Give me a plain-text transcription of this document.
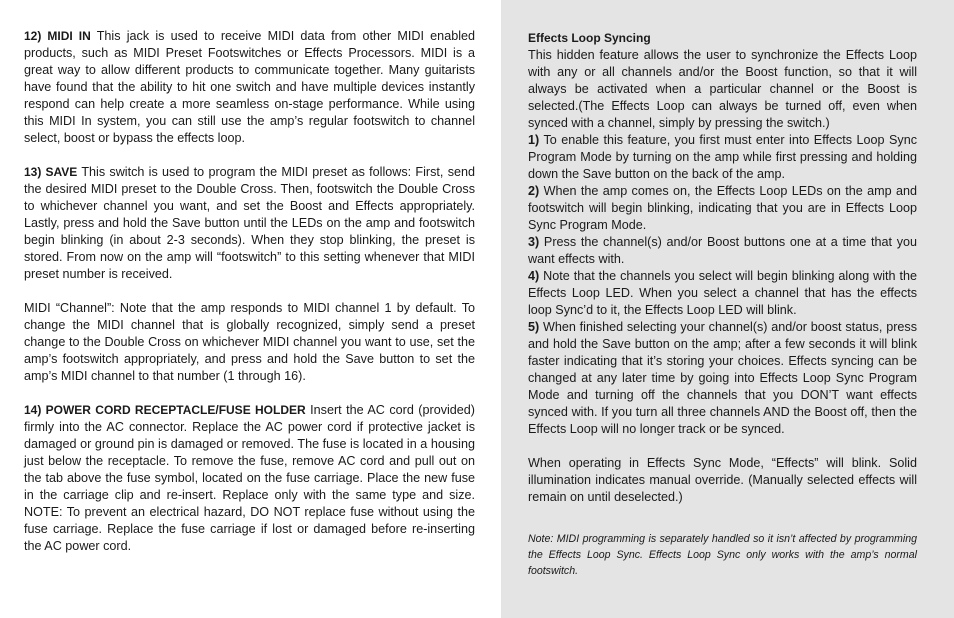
12) MIDI IN This jack is used to receive MIDI data from other MIDI enabled products, such as MIDI Preset Footswitches or Effects Processors. MIDI is a great way to allow different products to communicate together. Many guitarists have found that the ability to hit one switch and have multiple devices instantly respond can help create a more seamless on-stage performance. While using this MIDI In system, you can still use the amp’s regular footswitch to channel select, boost or bypass the effects loop.

13) SAVE This switch is used to program the MIDI preset as follows: First, send the desired MIDI preset to the Double Cross. Then, footswitch the Double Cross to whichever channel you want, and set the Boost and Effects appropriately. Lastly, press and hold the Save button until the LEDs on the amp and footswitch begin blinking (in about 2-3 seconds). When they stop blinking, the preset is stored. From now on the amp will “footswitch” to this setting whenever that MIDI preset number is received.

MIDI “Channel”: Note that the amp responds to MIDI channel 1 by default. To change the MIDI channel that is globally recognized, simply send a preset change to the Double Cross on whichever MIDI channel you want to use, set the amp’s footswitch appropriately, and press and hold the Save button to set the amp’s MIDI channel to that number (1 through 16).

14) POWER CORD RECEPTACLE/FUSE HOLDER Insert the AC cord (provided) firmly into the AC connector. Replace the AC power cord if protective jacket is damaged or ground pin is damaged or removed. The fuse is located in a housing just below the receptacle. To remove the fuse, remove AC cord and pull out on the tab above the fuse symbol, located on the fuse carriage. Place the new fuse in the carriage clip and re-insert. Replace only with the same type and size. NOTE: To prevent an electrical hazard, DO NOT replace fuse without using the fuse carriage. Replace the fuse carriage if lost or damaged before re-inserting the AC power cord.

Effects Loop Syncing

This hidden feature allows the user to synchronize the Effects Loop with any or all channels and/or the Boost function, so that it will always be activated when a particular channel or the Boost is selected.(The Effects Loop can always be turned off, even when synced with a channel, simply by pressing the switch.)

1) To enable this feature, you first must enter into Effects Loop Sync Program Mode by turning on the amp while first pressing and holding down the Save button on the back of the amp.

2) When the amp comes on, the Effects Loop LEDs on the amp and footswitch will begin blinking, indicating that you are in Effects Loop Sync Program Mode.

3) Press the channel(s) and/or Boost buttons one at a time that you want effects with.

4) Note that the channels you select will begin blinking along with the Effects Loop LED. When you select a channel that has the effects loop Sync’d to it, the Effects Loop LED will blink.

5) When finished selecting your channel(s) and/or boost status, press and hold the Save button on the amp; after a few seconds it will blink faster indicating that it’s storing your choices. Effects syncing can be changed at any later time by going into Effects Loop Sync Program Mode and turning off the channels that you DON’T want effects synced with. If you turn all three channels AND the Boost off, then the Effects Loop will no longer track or be synced.

When operating in Effects Sync Mode, “Effects” will blink. Solid illumination indicates manual override. (Manually selected effects will remain on until deselected.)

Note: MIDI programming is separately handled so it isn’t affected by programming the Effects Loop Sync. Effects Loop Sync only works with the amp’s normal footswitch.
